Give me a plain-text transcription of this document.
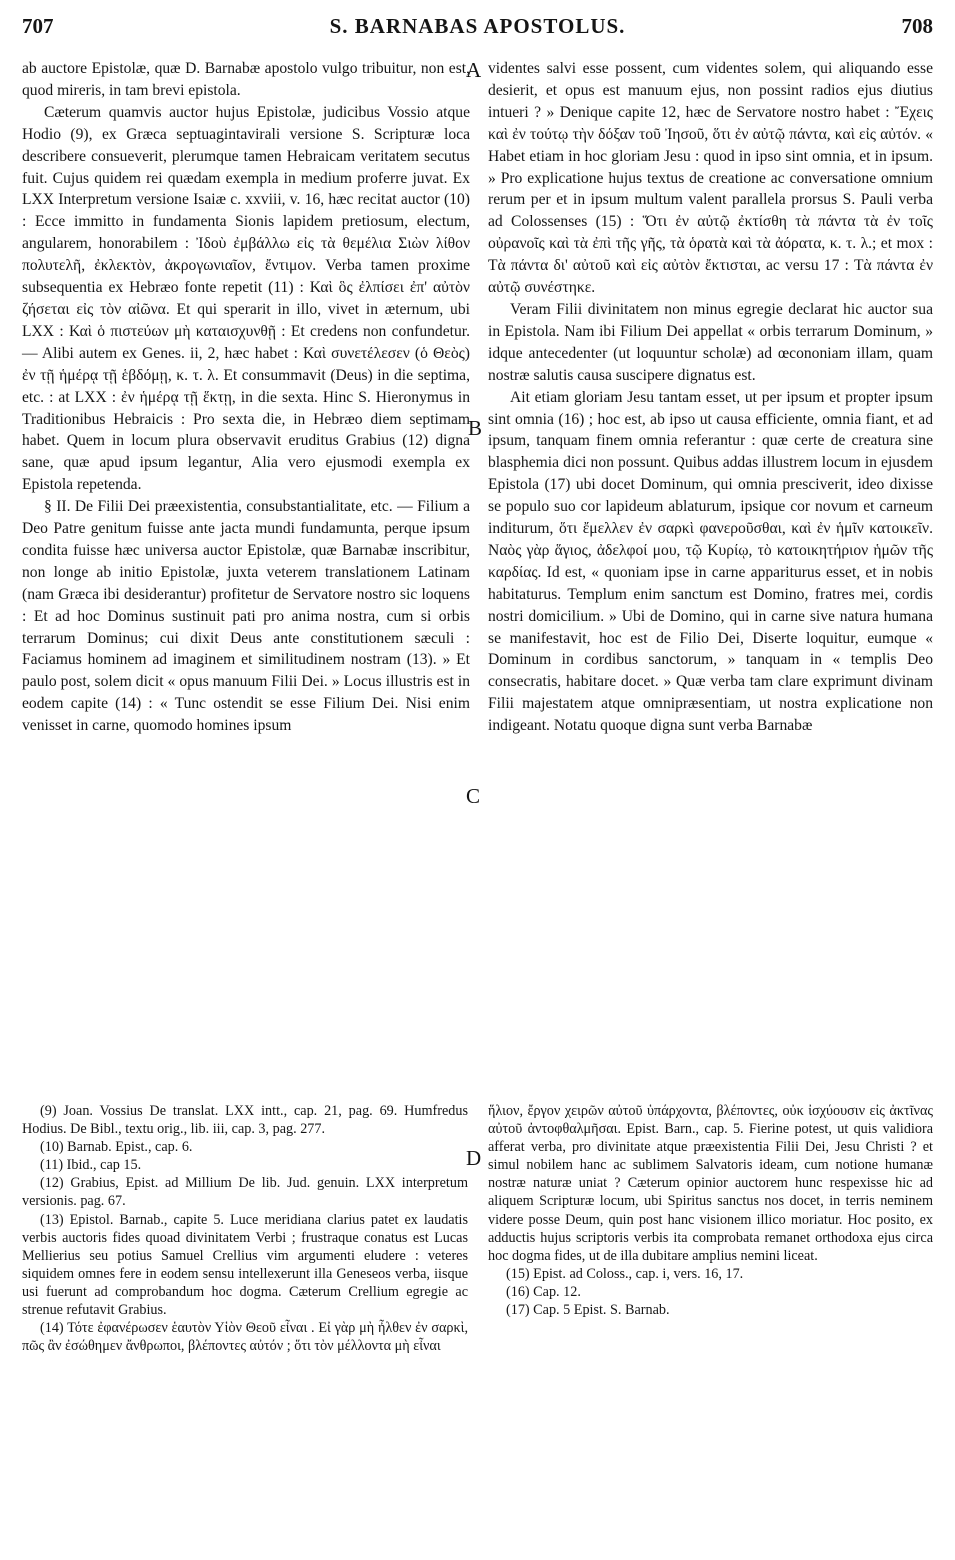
707	S. BARNABAS APOSTOLUS.	708
A
B
C
D

ab auctore Epistolæ, quæ D. Barnabæ apostolo vulgo tribuitur, non est, quod mireris, in tam brevi epistola.

Cæterum quamvis auctor hujus Epistolæ, judicibus Vossio atque Hodio (9), ex Græca septuagintavirali versione S. Scripturæ loca describere consueverit, plerumque tamen Hebraicam veritatem secutus fuit. Cujus quidem rei quædam exempla in medium proferre juvat. Ex LXX Interpretum versione Isaiæ c. xxviii, v. 16, hæc recitat auctor (10) : Ecce immitto in fundamenta Sionis lapidem pretiosum, electum, angularem, honorabilem : Ἰδοὺ ἐμβάλλω εἰς τὰ θεμέλια Σιὼν λίθον πολυτελῆ, ἐκλεκτὸν, ἀκρογωνιαῖον, ἔντιμον. Verba tamen proxime subsequentia ex Hebræo fonte repetit (11) : Καὶ ὃς ἐλπίσει ἐπ' αὐτὸν ζήσεται εἰς τὸν αἰῶνα. Et qui sperarit in illo, vivet in æternum, ubi LXX : Καὶ ὁ πιστεύων μὴ καταισχυνθῇ : Et credens non confundetur. — Alibi autem ex Genes. ii, 2, hæc habet : Καὶ συνετέλεσεν (ὁ Θεὸς) ἐν τῇ ἡμέρᾳ τῇ ἑβδόμῃ, κ. τ. λ. Et consummavit (Deus) in die septima, etc. : at LXX : ἐν ἡμέρᾳ τῇ ἕκτῃ, in die sexta. Hinc S. Hieronymus in Traditionibus Hebraicis : Pro sexta die, in Hebræo diem septimam habet. Quem in locum plura observavit eruditus Grabius (12) digna sane, quæ apud ipsum legantur, Alia vero ejusmodi exempla ex Epistola repetenda.

§ II. De Filii Dei præexistentia, consubstantialitate, etc. — Filium a Deo Patre genitum fuisse ante jacta mundi fundamunta, perque ipsum condita fuisse hæc universa auctor Epistolæ, quæ Barnabæ inscribitur, non longe ab initio Epistolæ, juxta veterem translationem Latinam (nam Græca ibi desiderantur) profitetur de Servatore nostro sic loquens : Et ad hoc Dominus sustinuit pati pro anima nostra, cum si orbis terrarum Dominus; cui dixit Deus ante constitutionem sæculi : Faciamus hominem ad imaginem et similitudinem nostram (13). » Et paulo post, solem dicit « opus manuum Filii Dei. » Locus illustris est in eodem capite (14) : « Tunc ostendit se esse Filium Dei. Nisi enim venisset in carne, quomodo homines ipsum

videntes salvi esse possent, cum videntes solem, qui aliquando esse desierit, et opus est manuum ejus, non possint radios ejus diutius intueri ? » Denique capite 12, hæc de Servatore nostro habet : Ἔχεις καὶ ἐν τούτῳ τὴν δόξαν τοῦ Ἰησοῦ, ὅτι ἐν αὐτῷ πάντα, καὶ εἰς αὐτόν. « Habet etiam in hoc gloriam Jesu : quod in ipso sint omnia, et in ipsum. » Pro explicatione hujus textus de creatione ac conversatione omnium rerum per et in ipsum multum valent parallela prorsus S. Pauli verba ad Colossenses (15) : Ὅτι ἐν αὐτῷ ἐκτίσθη τὰ πάντα τὰ ἐν τοῖς οὐρανοῖς καὶ τὰ ἐπὶ τῆς γῆς, τὰ ὁρατὰ καὶ τὰ ἀόρατα, κ. τ. λ.; et mox : Τὰ πάντα δι' αὐτοῦ καὶ εἰς αὐτὸν ἔκτισται, ac versu 17 : Τὰ πάντα ἐν αὐτῷ συνέστηκε.

Veram Filii divinitatem non minus egregie declarat hic auctor sua in Epistola. Nam ibi Filium Dei appellat « orbis terrarum Dominum, » idque antecedenter (ut loquuntur scholæ) ad œcononiam illam, quam nostræ salutis causa suscipere dignatus est.

Ait etiam gloriam Jesu tantam esset, ut per ipsum et propter ipsum sint omnia (16) ; hoc est, ab ipso ut causa efficiente, omnia fiant, et ad ipsum, tanquam finem omnia referantur : quæ certe de creatura sine blasphemia dici non possunt. Quibus addas illustrem locum in ejusdem Epistola (17) ubi docet Dominum, qui omnia presciverit, ideo dixisse se populo suo cor lapideum ablaturum, ipsique cor novum et carneum inditurum, ὅτι ἔμελλεν ἐν σαρκὶ φανεροῦσθαι, καὶ ἐν ἡμῖν κατοικεῖν. Ναὸς γὰρ ἅγιος, ἀδελφοί μου, τῷ Κυρίῳ, τὸ κατοικητήριον ἡμῶν τῆς καρδίας. Id est, « quoniam ipse in carne appariturus esset, et in nobis habitaturus. Templum enim sanctum est Domino, fratres mei, cordis nostri domicilium. » Ubi de Domino, qui in carne sive natura humana se manifestavit, hoc est de Filio Dei, Diserte loquitur, eumque « Dominum in cordibus sanctorum, » tanquam in « templis Deo consecratis, habitare docet. » Quæ verba tam clare exprimunt divinam Filii majestatem atque omnipræsentiam, ut nostra explicatione non indigeant. Notatu quoque digna sunt verba Barnabæ

(9) Joan. Vossius De translat. LXX intt., cap. 21, pag. 69. Humfredus Hodius. De Bibl., textu orig., lib. iii, cap. 3, pag. 277.

(10) Barnab. Epist., cap. 6.

(11) Ibid., cap 15.

(12) Grabius, Epist. ad Millium De lib. Jud. genuin. LXX interpretum versionis. pag. 67.

(13) Epistol. Barnab., capite 5. Luce meridiana clarius patet ex laudatis verbis auctoris fides quoad divinitatem Verbi ; frustraque conatus est Lucas Mellierius seu potius Samuel Crellius vim argumenti eludere : veteres siquidem omnes fere in eodem sensu intellexerunt illa Geneseos verba, iisque usi fuerunt ad comprobandum hoc dogma. Cæterum Crellium egregie ac strenue refutavit Grabius.

(14) Τότε ἐφανέρωσεν ἑαυτὸν Υἱὸν Θεοῦ εἶναι . Εἰ γὰρ μὴ ἦλθεν ἐν σαρκὶ, πῶς ἂν ἐσώθημεν ἄνθρωποι, βλέποντες αὐτόν ; ὅτι τὸν μέλλοντα μὴ εἶναι

ἥλιον, ἔργον χειρῶν αὐτοῦ ὑπάρχοντα, βλέποντες, οὐκ ἰσχύουσιν εἰς ἀκτῖνας αὐτοῦ ἀντοφθαλμῆσαι. Epist. Barn., cap. 5. Fierine potest, ut quis validiora afferat verba, pro divinitate atque præexistentia Filii Dei, Jesu Christi ? et simul nobilem hanc ac sublimem Salvatoris ideam, cum notione humanæ nostræ naturæ uniat ? Cæterum opinior auctorem hunc respexisse hic ad aliquem Scripturæ locum, ubi Spiritus sanctus nos docet, in terris neminem videre posse Deum, quin post hanc visionem illico moriatur. Hoc posito, ex adductis hujus scriptoris verbis ita comprobata remanet orthodoxa ejus circa hoc dogma fides, ut de illa dubitare amplius nemini liceat.

(15) Epist. ad Coloss., cap. i, vers. 16, 17.

(16) Cap. 12.

(17) Cap. 5 Epist. S. Barnab.
